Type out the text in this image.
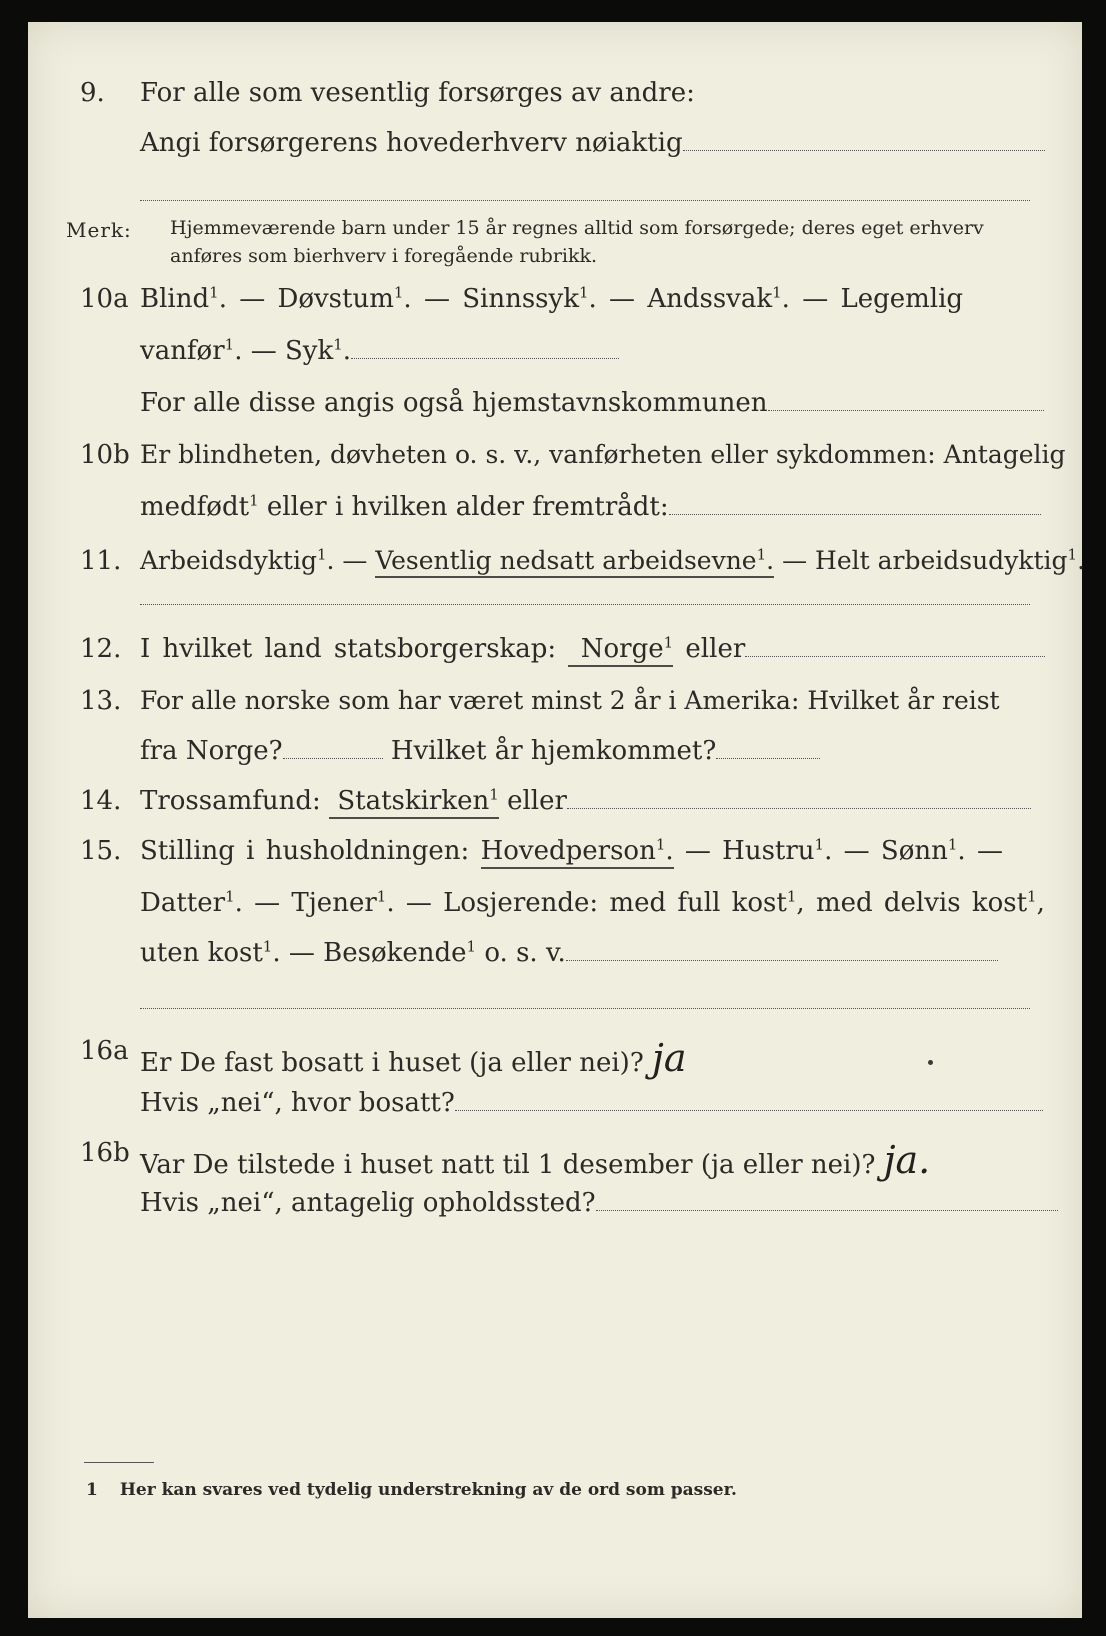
9. For alle som vesentlig forsørges av andre:
Angi forsørgerens hovederhverv nøiaktig
Merk: Hjemmeværende barn under 15 år regnes alltid som forsørgede; deres eget erhverv anføres som bierhverv i foregående rubrikk.
10a Blind$^1$. — Døvstum$^1$. — Sinnssyk$^1$. — Andssvak$^1$. — Legemlig
vanfør$^1$. — Syk$^1$.
For alle disse angis også hjemstavnskommunen
10b Er blindheten, døvheten o. s. v., vanførheten eller sykdommen: Antagelig
medfødt$^1$ eller i hvilken alder fremtrådt:
11. Arbeidsdyktig$^1$. — Vesentlig nedsatt arbeidsevne$^1$. — Helt arbeidsudyktig$^1$.
12. I hvilket land statsborgerskap: Norge$^1$ eller
13. For alle norske som har været minst 2 år i Amerika: Hvilket år reist
fra Norge?	Hvilket år hjemkommet?
14. Trossamfund: Statskirken$^1$ eller
15. Stilling i husholdningen: Hovedperson$^1$. — Hustru$^1$. — Sønn$^1$. —
Datter$^1$. — Tjener$^1$. — Losjerende: med full kost$^1$, med delvis kost$^1$,
uten kost$^1$. — Besøkende$^1$ o. s. v.
16a Er De fast bosatt i huset (ja eller nei)? ja
Hvis „nei“, hvor bosatt?
16b Var De tilstede i huset natt til 1 desember (ja eller nei)? ja.
Hvis „nei“, antagelig opholdssted?
1 Her kan svares ved tydelig understrekning av de ord som passer.
